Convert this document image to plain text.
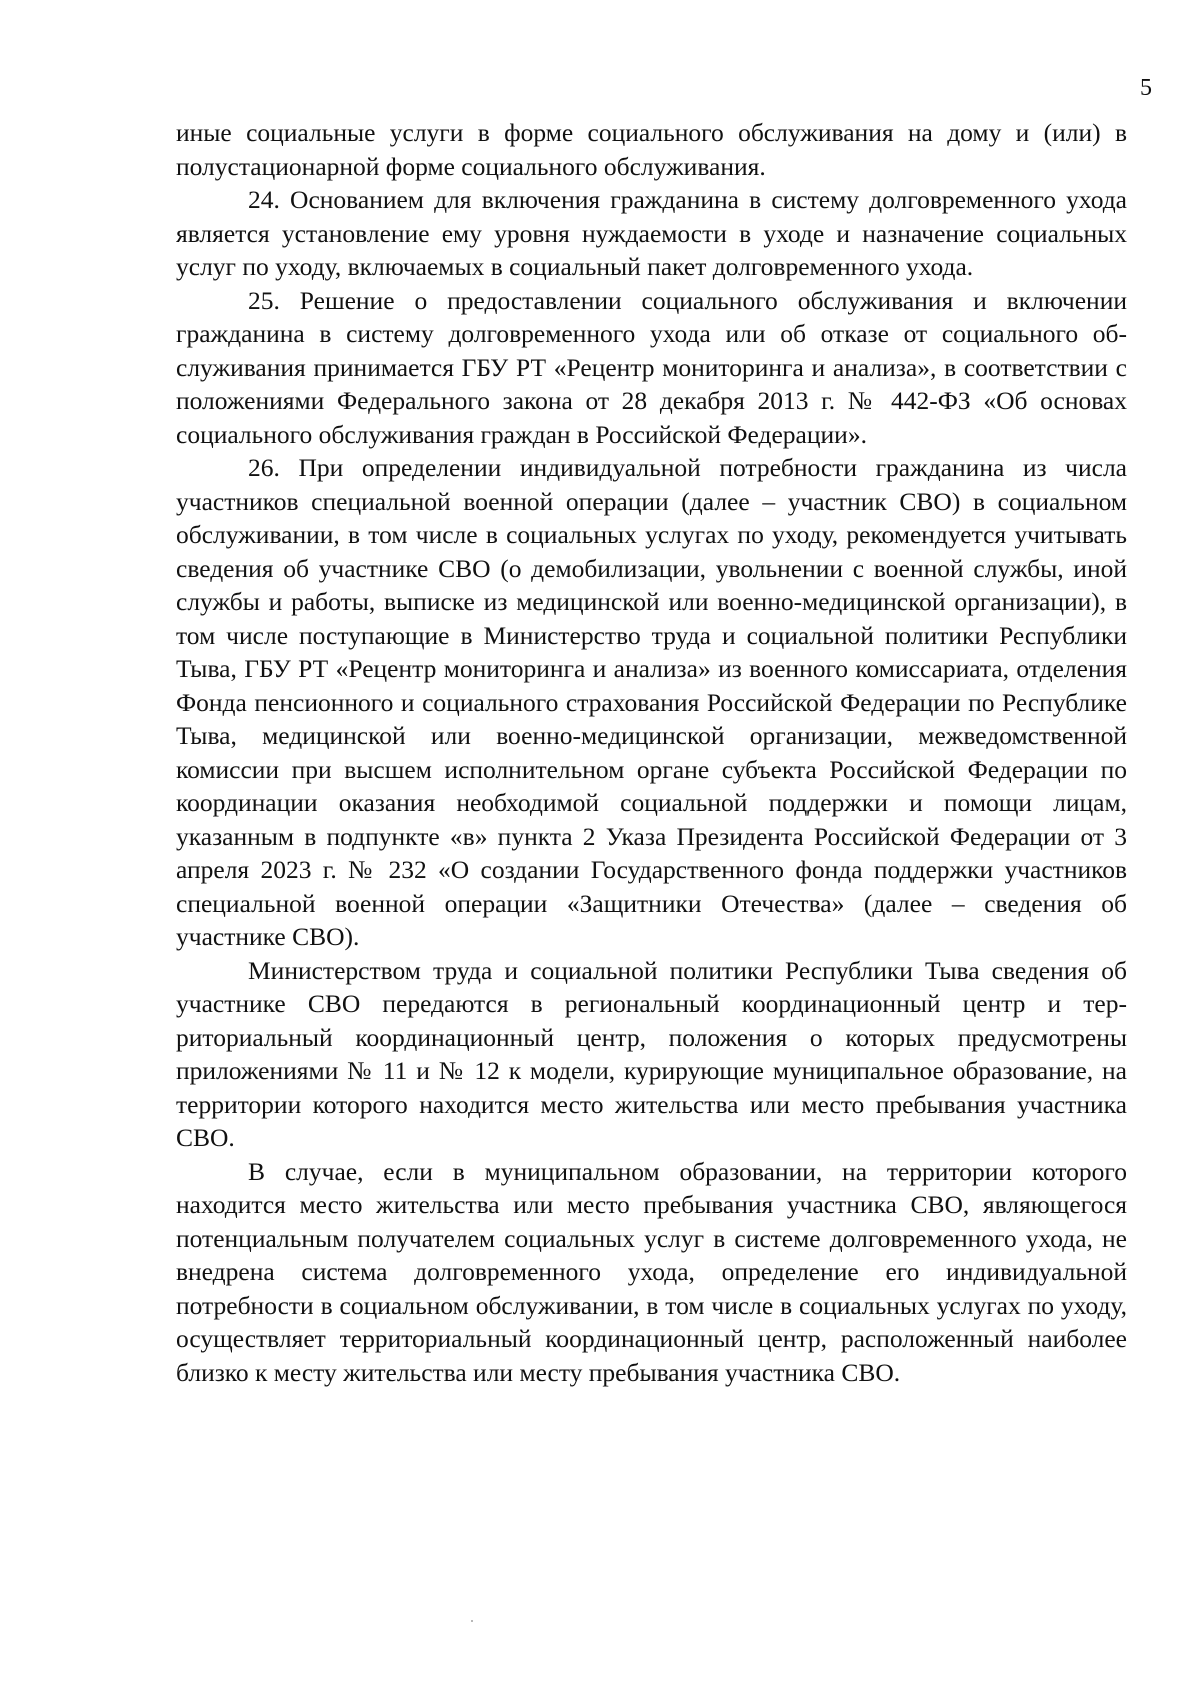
5

иные социальные услуги в форме социального обслуживания на дому и (или) в полустационарной форме социального обслуживания.

24. Основанием для включения гражданина в систему долговременного ухода является установление ему уровня нуждаемости в уходе и назначение социальных услуг по уходу, включаемых в социальный пакет долговременного ухода.

25. Решение о предоставлении социального обслуживания и включении гражданина в систему долговременного ухода или об отказе от социального обслуживания принимается ГБУ РТ «Рецентр мониторинга и анализа», в соответствии с положениями Федерального закона от 28 декабря 2013 г. № 442-ФЗ «Об основах социального обслуживания граждан в Российской Федерации».

26. При определении индивидуальной потребности гражданина из числа участников специальной военной операции (далее – участник СВО) в социальном обслуживании, в том числе в социальных услугах по уходу, рекомендуется учитывать сведения об участнике СВО (о демобилизации, увольнении с военной службы, иной службы и работы, выписке из медицинской или военно-медицинской организации), в том числе поступающие в Министерство труда и социальной политики Республики Тыва, ГБУ РТ «Рецентр мониторинга и анализа» из военного комиссариата, отделения Фонда пенсионного и социального страхования Российской Федерации по Республике Тыва, медицинской или военно-медицинской организации, межведомственной комиссии при высшем исполнительном органе субъекта Российской Федерации по координации оказания необходимой социальной поддержки и помощи лицам, указанным в подпункте «в» пункта 2 Указа Президента Российской Федерации от 3 апреля 2023 г. № 232 «О создании Государственного фонда поддержки участников специальной военной операции «Защитники Отечества» (далее – сведения об участнике СВО).

Министерством труда и социальной политики Республики Тыва сведения об участнике СВО передаются в региональный координационный центр и территориальный координационный центр, положения о которых предусмотрены приложениями № 11 и № 12 к модели, курирующие муниципальное образование, на территории которого находится место жительства или место пребывания участника СВО.

В случае, если в муниципальном образовании, на территории которого находится место жительства или место пребывания участника СВО, являющегося потенциальным получателем социальных услуг в системе долговременного ухода, не внедрена система долговременного ухода, определение его индивидуальной потребности в социальном обслуживании, в том числе в социальных услугах по уходу, осуществляет территориальный координационный центр, расположенный наиболее близко к месту жительства или месту пребывания участника СВО.
